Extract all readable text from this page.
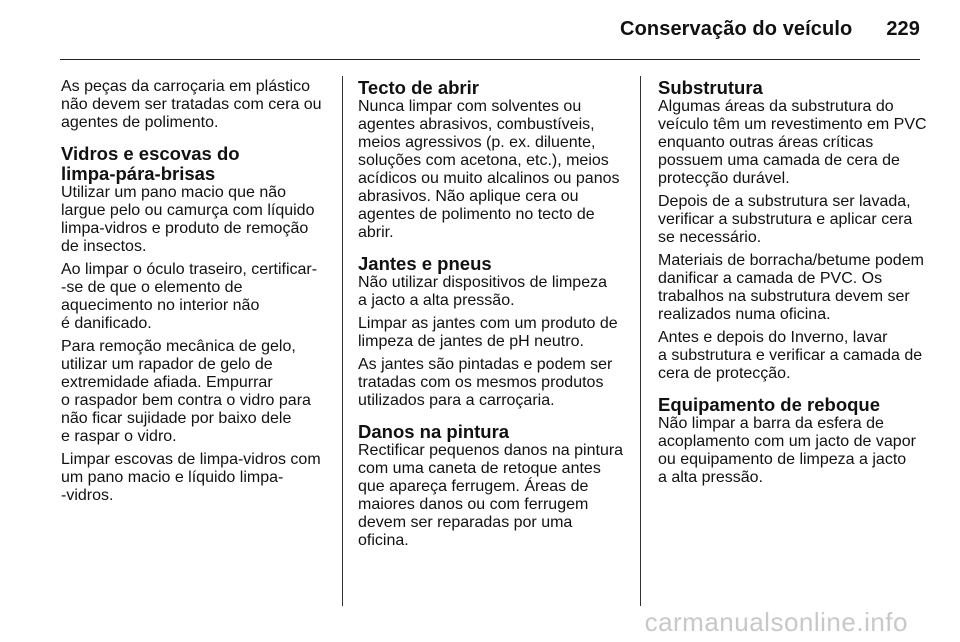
Conservação do veículo 229
As peças da carroçaria em plástico
não devem ser tratadas com cera ou
agentes de polimento.
Vidros e escovas do
limpa-pára-brisas
Utilizar um pano macio que não
largue pelo ou camurça com líquido
limpa-vidros e produto de remoção
de insectos.
Ao limpar o óculo traseiro, certificar-
-se de que o elemento de
aquecimento no interior não
é danificado.
Para remoção mecânica de gelo,
utilizar um rapador de gelo de
extremidade afiada. Empurrar
o raspador bem contra o vidro para
não ficar sujidade por baixo dele
e raspar o vidro.
Limpar escovas de limpa-vidros com
um pano macio e líquido limpa-
-vidros.
Tecto de abrir
Nunca limpar com solventes ou
agentes abrasivos, combustíveis,
meios agressivos (p. ex. diluente,
soluções com acetona, etc.), meios
acídicos ou muito alcalinos ou panos
abrasivos. Não aplique cera ou
agentes de polimento no tecto de
abrir.
Jantes e pneus
Não utilizar dispositivos de limpeza
a jacto a alta pressão.
Limpar as jantes com um produto de
limpeza de jantes de pH neutro.
As jantes são pintadas e podem ser
tratadas com os mesmos produtos
utilizados para a carroçaria.
Danos na pintura
Rectificar pequenos danos na pintura
com uma caneta de retoque antes
que apareça ferrugem. Áreas de
maiores danos ou com ferrugem
devem ser reparadas por uma
oficina.
Substrutura
Algumas áreas da substrutura do
veículo têm um revestimento em PVC
enquanto outras áreas críticas
possuem uma camada de cera de
protecção durável.
Depois de a substrutura ser lavada,
verificar a substrutura e aplicar cera
se necessário.
Materiais de borracha/betume podem
danificar a camada de PVC. Os
trabalhos na substrutura devem ser
realizados numa oficina.
Antes e depois do Inverno, lavar
a substrutura e verificar a camada de
cera de protecção.
Equipamento de reboque
Não limpar a barra da esfera de
acoplamento com um jacto de vapor
ou equipamento de limpeza a jacto
a alta pressão.
carmanualsonline.info
